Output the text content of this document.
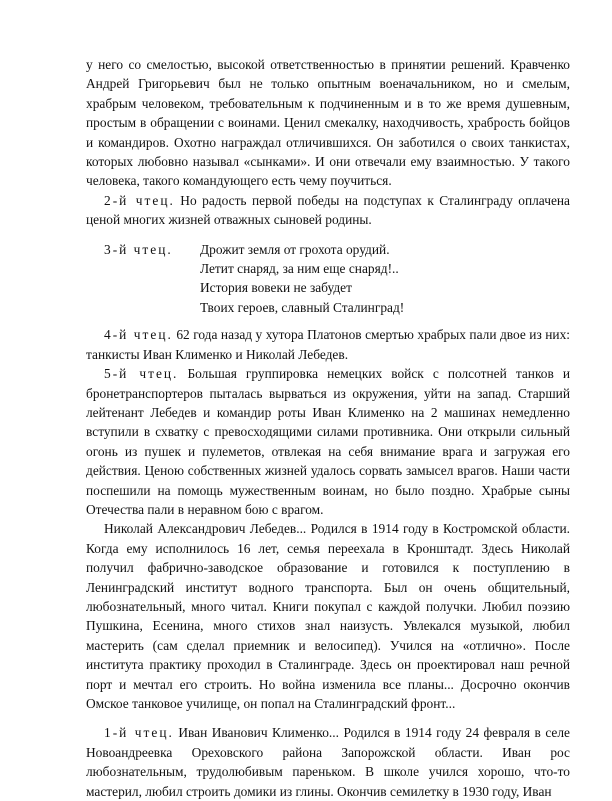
у него со смелостью, высокой ответственностью в принятии решений. Кравченко Андрей Григорьевич был не только опытным военачальником, но и смелым, храбрым человеком, требовательным к подчиненным и в то же время душевным, простым в обращении с воинами. Ценил смекалку, находчивость, храбрость бойцов и командиров. Охотно награждал отличившихся. Он заботился о своих танкистах, которых любовно называл «сынками». И они отвечали ему взаимностью. У такого человека, такого командующего есть чему поучиться.

2-й чтец. Но радость первой победы на подступах к Сталинграду оплачена ценой многих жизней отважных сыновей родины.

3-й чтец.	Дрожит земля от грохота орудий.
Летит снаряд, за ним еще снаряд!..
История вовеки не забудет
Твоих героев, славный Сталинград!

4-й чтец. 62 года назад у хутора Платонов смертью храбрых пали двое из них: танкисты Иван Клименко и Николай Лебедев.

5-й чтец. Большая группировка немецких войск с полсотней танков и бронетранспортеров пыталась вырваться из окружения, уйти на запад. Старший лейтенант Лебедев и командир роты Иван Клименко на 2 машинах немедленно вступили в схватку с превосходящими силами противника. Они открыли сильный огонь из пушек и пулеметов, отвлекая на себя внимание врага и загружая его действия. Ценою собственных жизней удалось сорвать замысел врагов. Наши части поспешили на помощь мужественным воинам, но было поздно. Храбрые сыны Отечества пали в неравном бою с врагом.

Николай Александрович Лебедев... Родился в 1914 году в Костромской области. Когда ему исполнилось 16 лет, семья переехала в Кронштадт. Здесь Николай получил фабрично-заводское образование и готовился к поступлению в Ленинградский институт водного транспорта. Был он очень общительный, любознательный, много читал. Книги покупал с каждой получки. Любил поэзию Пушкина, Есенина, много стихов знал наизусть. Увлекался музыкой, любил мастерить (сам сделал приемник и велосипед). Учился на «отлично». После института практику проходил в Сталинграде. Здесь он проектировал наш речной порт и мечтал его строить. Но война изменила все планы... Досрочно окончив Омское танковое училище, он попал на Сталинградский фронт...

1-й чтец. Иван Иванович Клименко... Родился в 1914 году 24 февраля в селе Новоандреевка Ореховского района Запорожской области. Иван рос любознательным, трудолюбивым пареньком. В школе учился хорошо, что-то мастерил, любил строить домики из глины. Окончив семилетку в 1930 году, Иван
